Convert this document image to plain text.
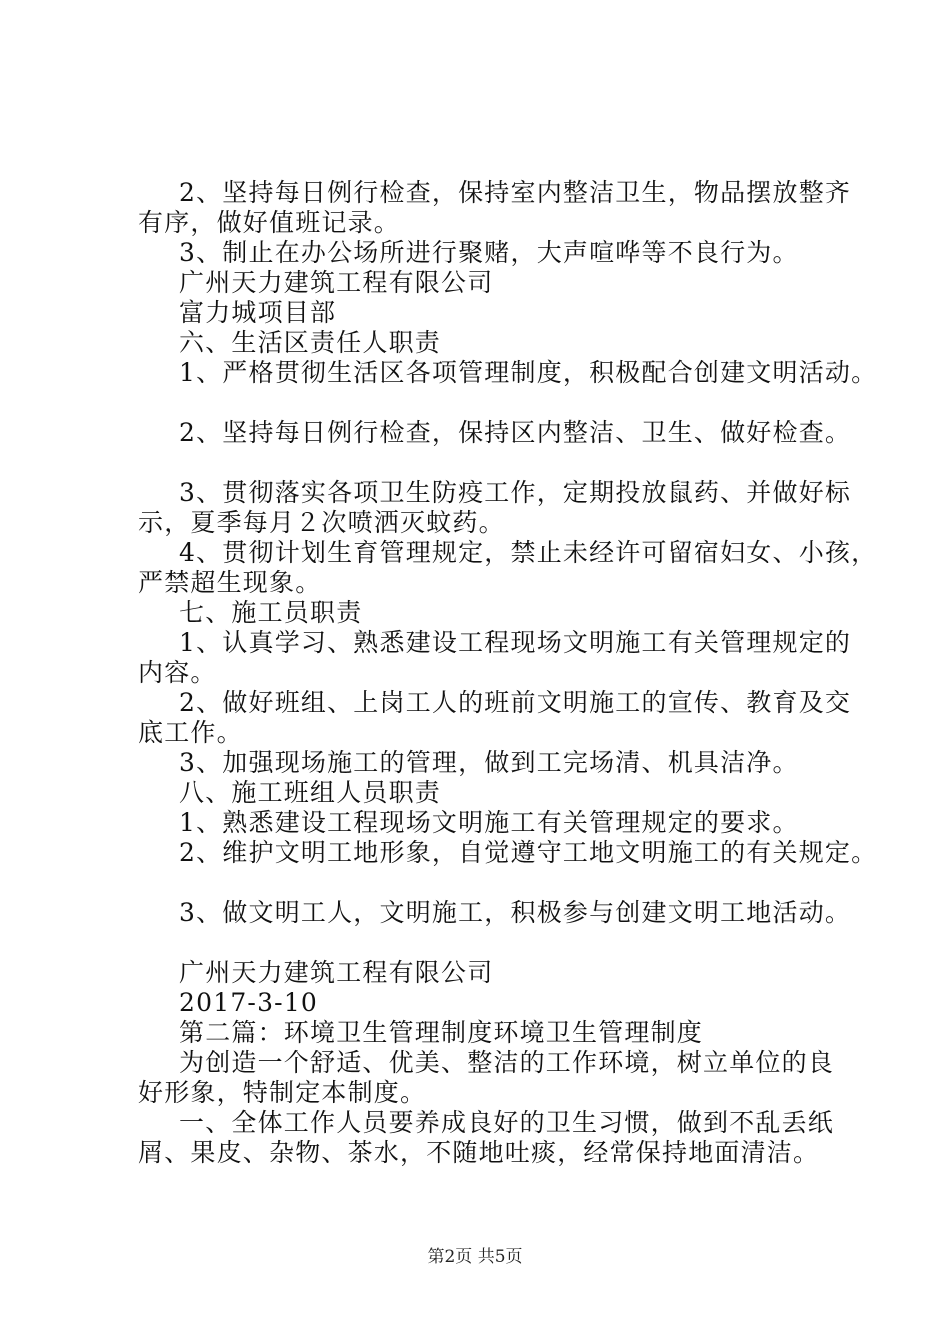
2、坚持每日例行检查，保持室内整洁卫生，物品摆放整齐
有序，做好值班记录。
3、制止在办公场所进行聚赌，大声喧哗等不良行为。
广州天力建筑工程有限公司
富力城项目部
六、生活区责任人职责
1、严格贯彻生活区各项管理制度，积极配合创建文明活动。
2、坚持每日例行检查，保持区内整洁、卫生、做好检查。
3、贯彻落实各项卫生防疫工作，定期投放鼠药、并做好标
示，夏季每月２次喷洒灭蚊药。
4、贯彻计划生育管理规定，禁止未经许可留宿妇女、小孩，
严禁超生现象。
七、施工员职责
1、认真学习、熟悉建设工程现场文明施工有关管理规定的
内容。
2、做好班组、上岗工人的班前文明施工的宣传、教育及交
底工作。
3、加强现场施工的管理，做到工完场清、机具洁净。
八、施工班组人员职责
1、熟悉建设工程现场文明施工有关管理规定的要求。
2、维护文明工地形象，自觉遵守工地文明施工的有关规定。
3、做文明工人，文明施工，积极参与创建文明工地活动。
广州天力建筑工程有限公司
2017-3-10
第二篇：环境卫生管理制度环境卫生管理制度
为创造一个舒适、优美、整洁的工作环境，树立单位的良
好形象，特制定本制度。
一、全体工作人员要养成良好的卫生习惯，做到不乱丢纸
屑、果皮、杂物、茶水，不随地吐痰，经常保持地面清洁。
第2页 共5页
